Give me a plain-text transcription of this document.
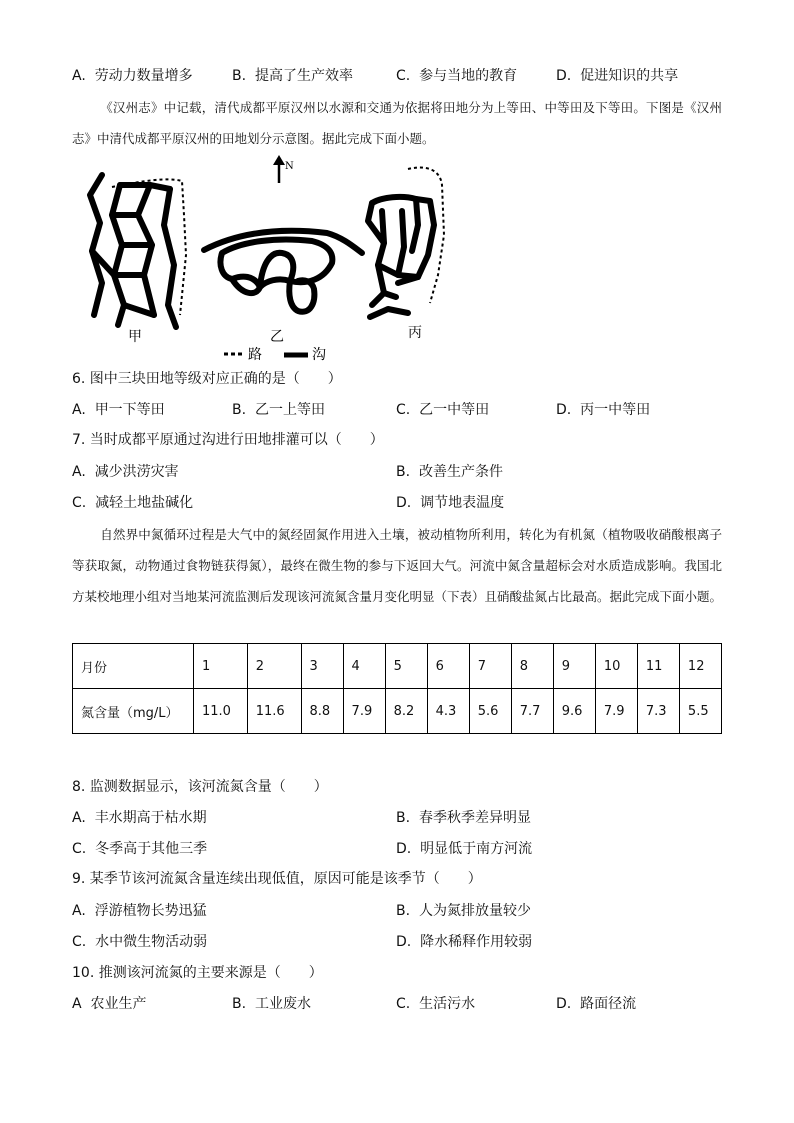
A. 劳动力数量增多	B. 提高了生产效率	C. 参与当地的教育	D. 促进知识的共享
《汉州志》中记载，清代成都平原汉州以水源和交通为依据将田地分为上等田、中等田及下等田。下图是《汉州志》中清代成都平原汉州的田地划分示意图。据此完成下面小题。
N
甲	乙	丙
路	沟
6. 图中三块田地等级对应正确的是（　　）
A. 甲一下等田	B. 乙一上等田	C. 乙一中等田	D. 丙一中等田
7. 当时成都平原通过沟进行田地排灌可以（　　）
A. 减少洪涝灾害	B. 改善生产条件
C. 减轻土地盐碱化	D. 调节地表温度
自然界中氮循环过程是大气中的氮经固氮作用进入土壤，被动植物所利用，转化为有机氮（植物吸收硝酸根离子等获取氮，动物通过食物链获得氮），最终在微生物的参与下返回大气。河流中氮含量超标会对水质造成影响。我国北方某校地理小组对当地某河流监测后发现该河流氮含量月变化明显（下表）且硝酸盐氮占比最高。据此完成下面小题。
月份	1	2	3	4	5	6	7	8	9	10	11	12
氮含量（mg/L）	11.0	11.6	8.8	7.9	8.2	4.3	5.6	7.7	9.6	7.9	7.3	5.5
8. 监测数据显示，该河流氮含量（　　）
A. 丰水期高于枯水期	B. 春季秋季差异明显
C. 冬季高于其他三季	D. 明显低于南方河流
9. 某季节该河流氮含量连续出现低值，原因可能是该季节（　　）
A. 浮游植物长势迅猛	B. 人为氮排放量较少
C. 水中微生物活动弱	D. 降水稀释作用较弱
10. 推测该河流氮的主要来源是（　　）
A 农业生产	B. 工业废水	C. 生活污水	D. 路面径流
